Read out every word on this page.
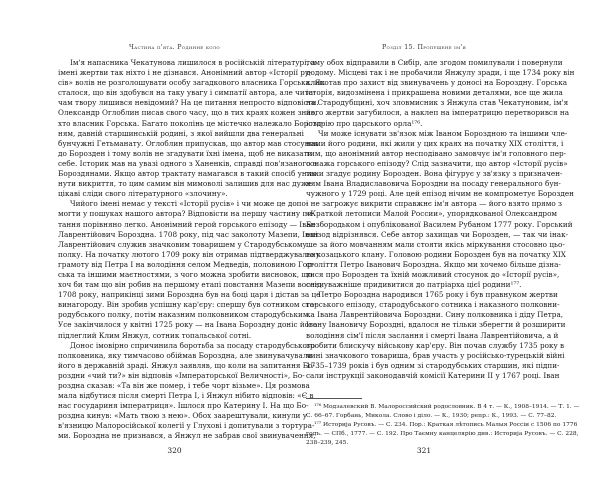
Частина п'ята. Родинне коло
Ім'я напасника Чекатунова лишилося в російській літературі, а
імені жертви так ніхто і не дізнався. Анонімний автор «Історії ру-
сів» волів не розголошувати особу загадкового власника Горська. Як
сталося, що він здобувся на таку увагу і симпатії автора, але чита-
чам твору лишився невідомий? На це питання непросто відповісти.
Олександр Оглоблин писав свого часу, що в тих краях кожен знав,
хто власник Горська. Багато поколінь це містечко належало Борозд-
ням, давній старшинській родині, з якої вийшли два генеральні
бунчужні Гетьманату. Оглоблин припускав, що автор мав стосунок
до Борозден і тому волів не згадувати їхні імена, щоб не виказати
себе. Історик мав на увазі одного з Ханенків, справді пов'язаного з
Бороздянами. Якщо автор трактату намагався в такий спосіб уник-
нути викриття, то цим самим він мимоволі залишив для нас дуже
цікаві сліди свого літературного «злочину».
Чийого імені немає у тексті «Історії русів» і чи може це допо-
могти у пошуках нашого автора? Відповісти на першу частину пи-
тання порівняно легко. Анонімний герой горського епізоду — Іван
Лаврентійович Бороздна. 1708 року, під час заколоту Мазепи, Іван
Лаврентійович служив значковим товаришем у Стародубському
полку. На початку лютого 1709 року він отримав підтверджувальну
грамоту від Петра І на володіння селом Медведів, половиною Гор-
ська та іншими маєтностями, з чого можна зробити висновок, що
хоч би там що він робив на першому етапі повстання Мазепи восени
1708 року, наприкінці зими Бороздна був на боці царя і дістав за це
винагороду. Він зробив успішну кар'єру: спершу був сотником ста-
родубського полку, потім наказним полковником стародубським.
Усе закінчилося у квітні 1725 року — на Івана Бороздну доніс його
підлеглий Клим Янжул, сотник топальської сотні.
Донос імовірно спричинила боротьба за посаду стародубського
полковника, яку тимчасово обіймав Бороздна, але звинувачували
його в державній зраді. Янжул заявляв, що коли на запитання Бо-
роздни «чий ти?» він відповів «Імператорської Величності», Бо-
роздна сказав: «Та він же помер, і тебе чорт візьме». Ця розмова
мала відбутися після смерті Петра І, і Янжул нібито відповів: «Є в
нас государиня імператриця». Ішлося про Катерину І. На що Бо-
роздна кинув: «Мать твою з нею». Обох заарештували, кинули у
в'язницю Малоросійської колегії у Глухові і допитували з тортура-
ми. Бороздна не признався, а Янжул не забрав свої звинувачення,
320
Розділ 15. Пропущене ім'я
тому обох відправили в Сибір, але згодом помилували і повернули
додому. Місцеві так і не пробачили Янжулу зради, і ще 1734 року він
клопотав про захист від звинувачень у доносі на Бороздну. Горська
історія, видозмінена і прикрашена новими деталями, все ще жила
на Стародубщині, хоч зловмисник з Янжула став Чекатуновим, ім'я
його жертви загубилося, а наклеп на імператрицю перетворився на
історію про царського орла¹⁷⁶.
Чи може існувати зв'язок між Іваном Бороздною та іншими чле-
нами його родини, які жили у цих краях на початку XIX століття, і
тим, що анонімний автор несподівано замовчує ім'я головного пер-
сонажа горського епізоду? Слід зазначити, що автор «Історії русів»
таки згадує родину Борозден. Вона фігурує у зв'язку з призначен-
ням Івана Владиславовича Бороздни на посаду генерального бун-
чужного у 1729 році. Але цей епізод нічим не компрометує Борозден
і не загрожує викрити справжнє ім'я автора — його взято прямо з
«Краткой летописи Малой России», упорядкованої Олександром
Безбородьком і опублікованої Василем Рубаном 1777 року. Горський
епізод відрізнявся. Себе автор захищав чи Борозден, — так чи інак-
ше за його мовчанням мали стояти якісь міркування стосовно цьо-
го козацького клану. Головою родини Борозден був на початку XIX
століття Петро Іванович Бороздна. Якщо ми хочемо більше дізна-
тися про Борозден та їхній можливий стосунок до «Історії русів»,
слід уважніше придивитися до патріарха цієї родини¹⁷⁷.
Петро Бороздна народився 1765 року і був правнуком жертви
горського епізоду, стародубського сотника і наказного полковни-
ка Івана Лаврентійовича Бороздни. Сину полковника і діду Петра,
Івану Івановичу Бороздні, вдалося не тільки зберегти й розширити
володіння сім'ї після заслання і смерті Івана Лаврентійовича, а й
зробити блискучу військову кар'єру. Він почав службу 1735 року в
чині значкового товариша, брав участь у російсько-турецькій війні
1735–1739 років і був одним зі стародубських старшин, які підпи-
сали інструкції законодавчій комісії Катерини II у 1767 році. Іван
¹⁷⁶ Модзалевский В. Малороссийский родословник. В 4 т. — К., 1908–1914. — Т. 1. —
С. 66–67. Горбань, Микола. Слово і діло. — К., 1930; репр.: К., 1993. — С. 77–82.
¹⁷⁷ Историја Русовъ. — С. 234. Пор.: Краткая лѣтопись Малыя Россіи с 1506 по 1776
годъ. — СПб., 1777. — С. 192. Про Таємну канцелярію див.: Историја Русовъ. — С. 228,
238–239, 245.
321
